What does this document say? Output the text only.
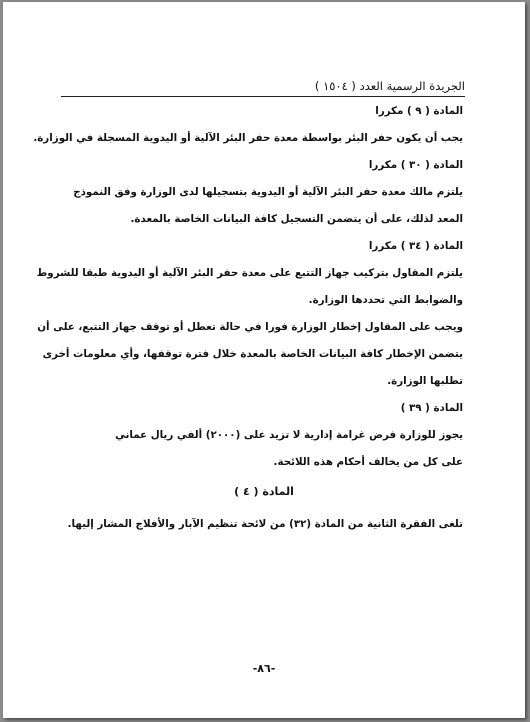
الجريدة الرسمية العدد ( ١٥٠٤ )
المادة ( ٩ ) مكررا
يجب أن يكون حفر البئر بواسطة معدة حفر البئر الآلية أو اليدوية المسجلة في الوزارة.
المادة ( ٣٠ ) مكررا
يلتزم مالك معدة حفر البئر الآلية أو اليدوية بتسجيلها لدى الوزارة وفق النموذج
المعد لذلك، على أن يتضمن التسجيل كافة البيانات الخاصة بالمعدة.
المادة ( ٣٤ ) مكررا
يلتزم المقاول بتركيب جهاز التتبع على معدة حفر البئر الآلية أو اليدوية طبقا للشروط
والضوابط التي تحددها الوزارة.
ويجب على المقاول إخطار الوزارة فورا في حالة تعطل أو توقف جهاز التتبع، على أن
يتضمن الإخطار كافة البيانات الخاصة بالمعدة خلال فترة توقفها، وأي معلومات أخرى
تطلبها الوزارة.
المادة ( ٣٩ )
يجوز للوزارة فرض غرامة إدارية لا تزيد على (٢٠٠٠) ألفي ريال عماني
على كل من يخالف أحكام هذه اللائحة.
المادة ( ٤ )
تلغى الفقرة الثانية من المادة (٣٢) من لائحة تنظيم الآبار والأفلاج المشار إليها.
-٨٦-
